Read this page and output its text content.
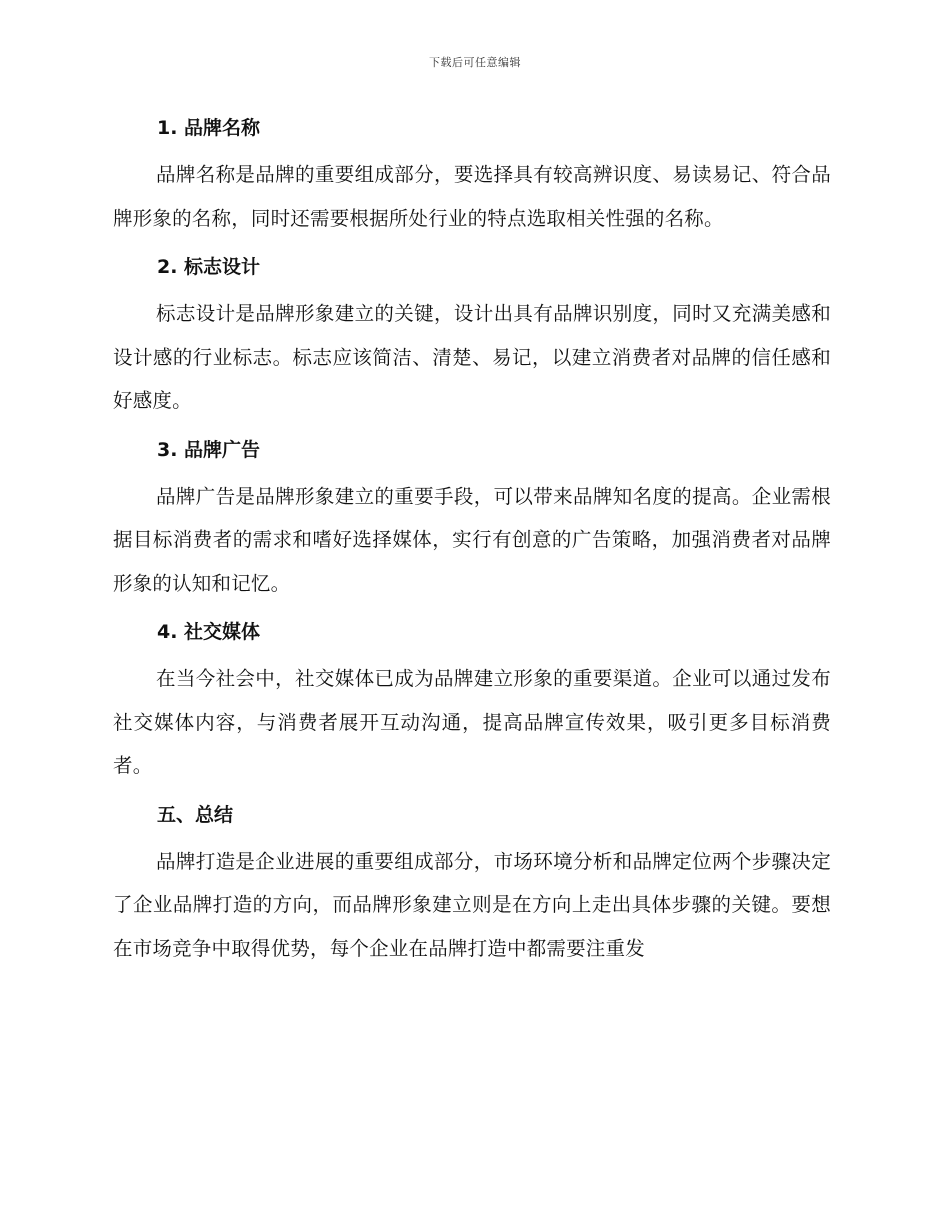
下载后可任意编辑
1. 品牌名称

品牌名称是品牌的重要组成部分，要选择具有较高辨识度、易读易记、符合品牌形象的名称，同时还需要根据所处行业的特点选取相关性强的名称。

2. 标志设计

标志设计是品牌形象建立的关键，设计出具有品牌识别度，同时又充满美感和设计感的行业标志。标志应该简洁、清楚、易记，以建立消费者对品牌的信任感和好感度。

3. 品牌广告

品牌广告是品牌形象建立的重要手段，可以带来品牌知名度的提高。企业需根据目标消费者的需求和嗜好选择媒体，实行有创意的广告策略，加强消费者对品牌形象的认知和记忆。

4. 社交媒体

在当今社会中，社交媒体已成为品牌建立形象的重要渠道。企业可以通过发布社交媒体内容，与消费者展开互动沟通，提高品牌宣传效果，吸引更多目标消费者。

五、总结

品牌打造是企业进展的重要组成部分，市场环境分析和品牌定位两个步骤决定了企业品牌打造的方向，而品牌形象建立则是在方向上走出具体步骤的关键。要想在市场竞争中取得优势，每个企业在品牌打造中都需要注重发
